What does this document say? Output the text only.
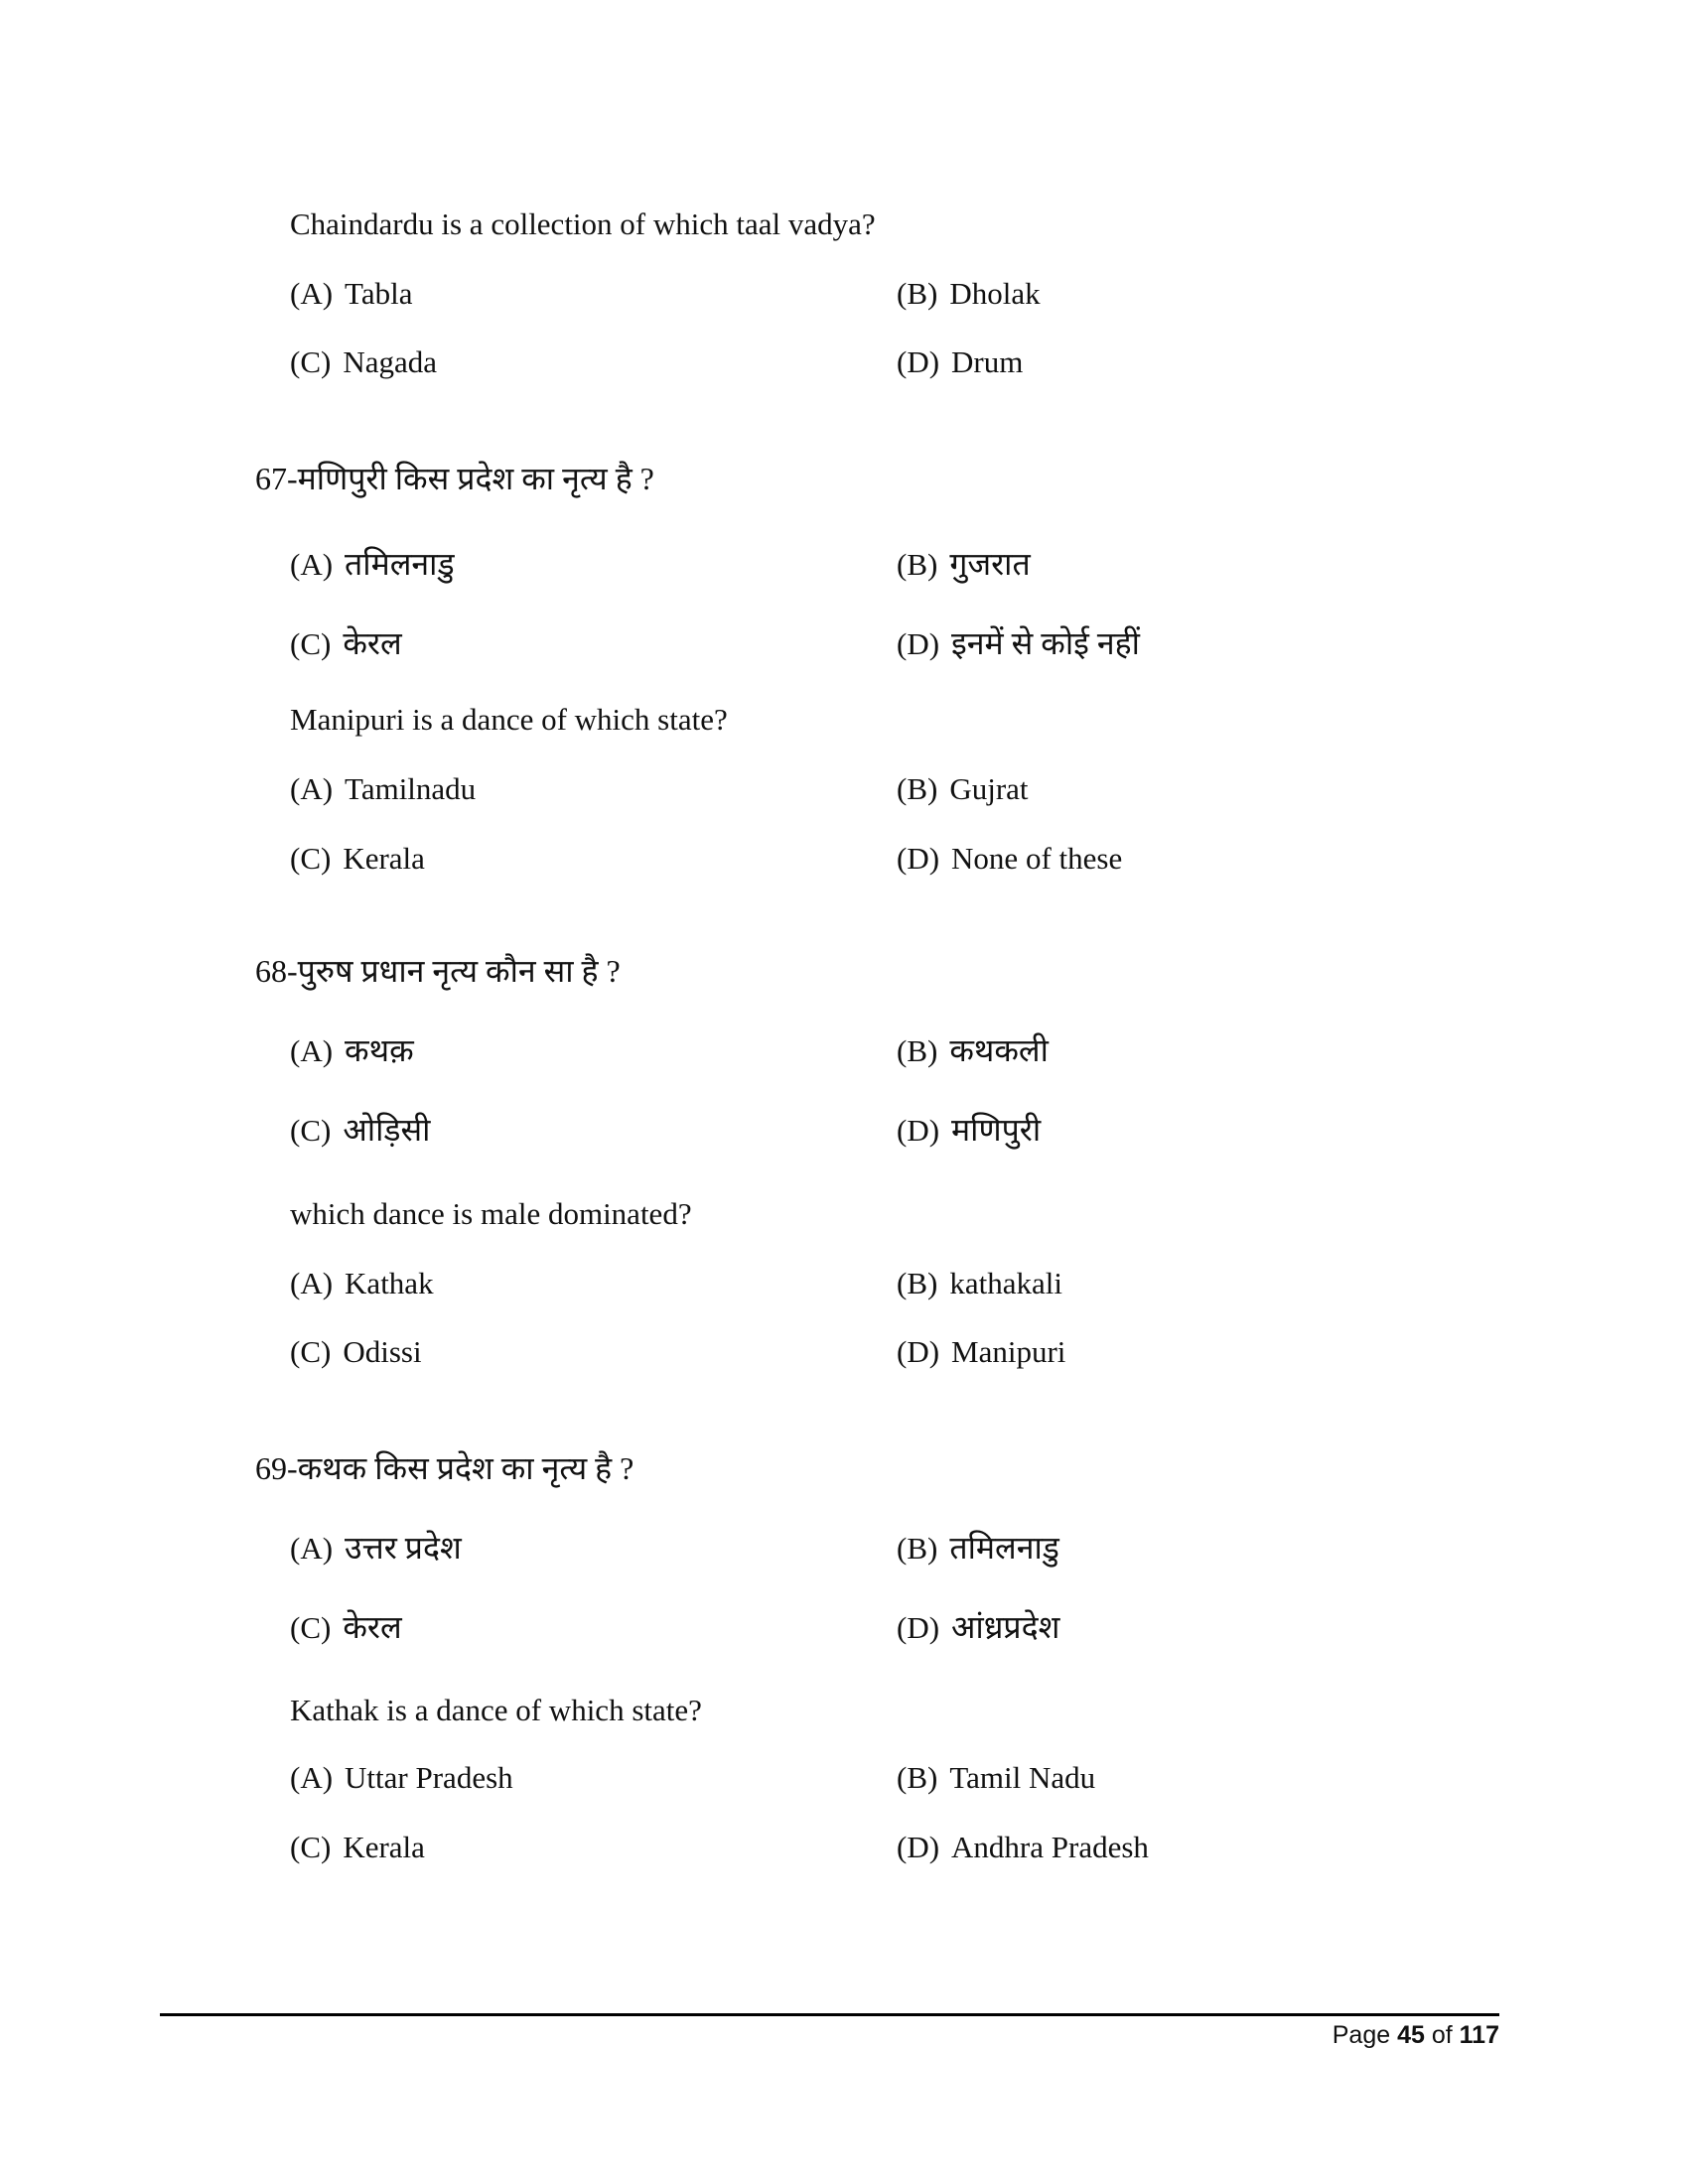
Chaindardu is a collection of which taal vadya?
(A) Tabla	(B) Dholak
(C) Nagada	(D) Drum
67-मणिपुरी किस प्रदेश का नृत्य है ?
(A) तमिलनाडु	(B) गुजरात
(C) केरल	(D) इनमें से कोई नहीं
Manipuri is a dance of which state?
(A) Tamilnadu	(B) Gujrat
(C) Kerala	(D) None of these
68-पुरुष प्रधान नृत्य कौन सा है ?
(A) कथक़	(B) कथकली
(C) ओड़िसी	(D) मणिपुरी
which dance is male dominated?
(A) Kathak	(B) kathakali
(C) Odissi	(D) Manipuri
69-कथक किस प्रदेश का नृत्य है ?
(A) उत्तर प्रदेश	(B) तमिलनाडु
(C) केरल	(D) आंध्रप्रदेश
Kathak is a dance of which state?
(A) Uttar Pradesh	(B) Tamil Nadu
(C) Kerala	(D) Andhra Pradesh
Page 45 of 117
